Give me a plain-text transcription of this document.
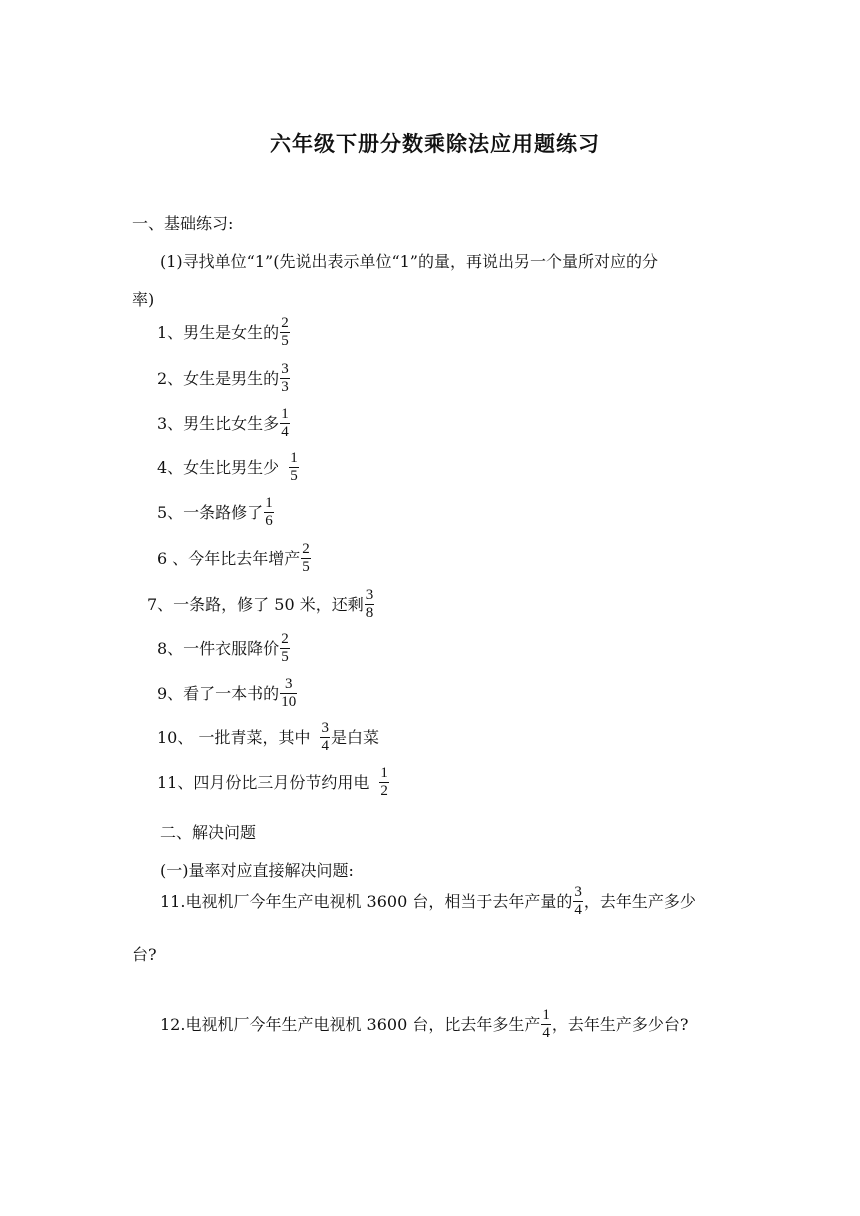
六年级下册分数乘除法应用题练习
一、基础练习:
(1)寻找单位“1”(先说出表示单位“1”的量，再说出另一个量所对应的分
率)
1、男生是女生的 $\frac{2}{5}$
2、女生是男生的 $\frac{3}{3}$
3、男生比女生多 $\frac{1}{4}$
4、女生比男生少 $\frac{1}{5}$
5、一条路修了 $\frac{1}{6}$
6 、今年比去年增产 $\frac{2}{5}$
7、一条路，修了 50 米，还剩 $\frac{3}{8}$
8、一件衣服降价 $\frac{2}{5}$
9、看了一本书的 $\frac{3}{10}$
10、 一批青菜，其中 $\frac{3}{4}$ 是白菜
11、四月份比三月份节约用电 $\frac{1}{2}$
二、解决问题
(一)量率对应直接解决问题:
11.电视机厂今年生产电视机 3600 台，相当于去年产量的 $\frac{3}{4}$ ，去年生产多少
台?
12.电视机厂今年生产电视机 3600 台，比去年多生产 $\frac{1}{4}$ ，去年生产多少台?
